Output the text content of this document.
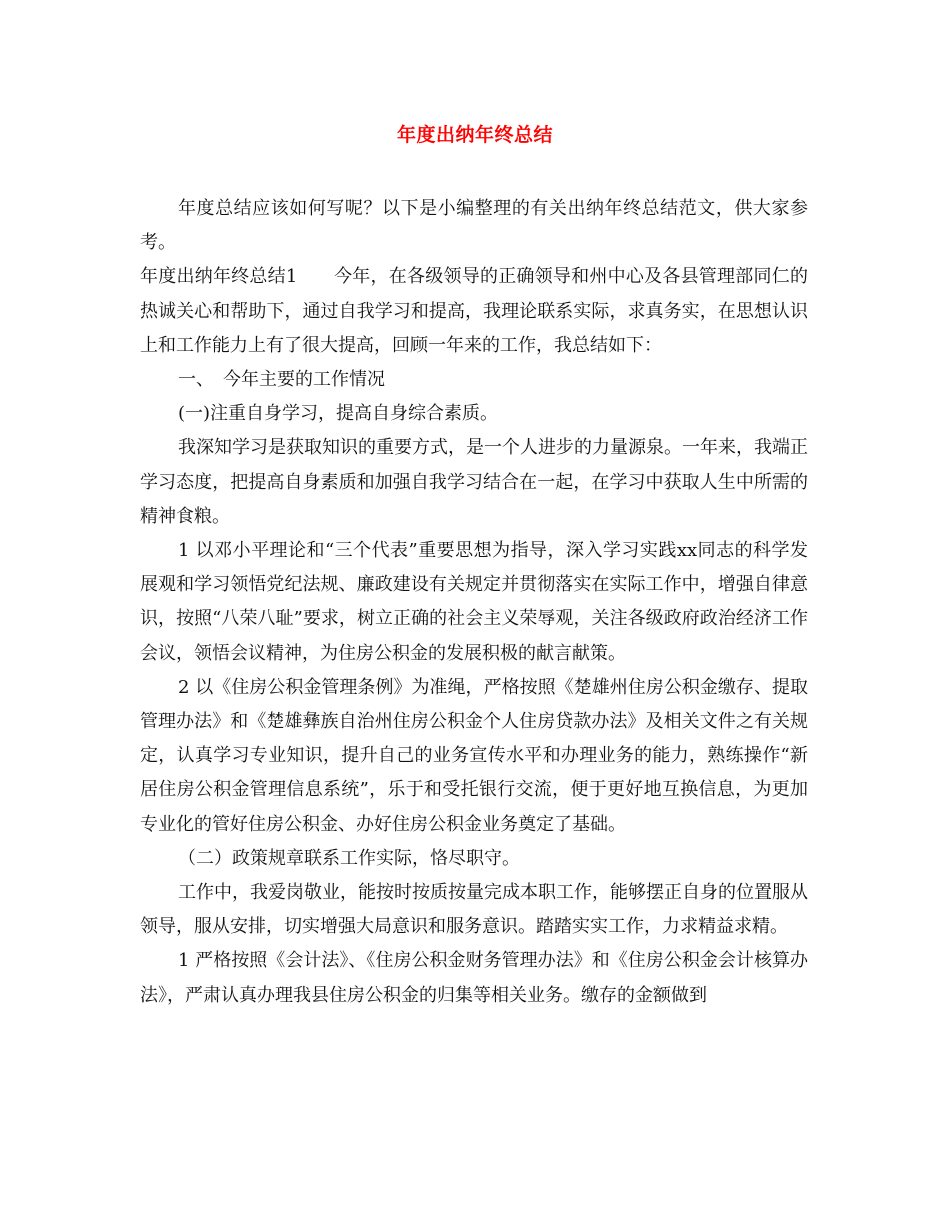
年度出纳年终总结

年度总结应该如何写呢？以下是小编整理的有关出纳年终总结范文，供大家参考。

年度出纳年终总结1　　今年，在各级领导的正确领导和州中心及各县管理部同仁的热诚关心和帮助下，通过自我学习和提高，我理论联系实际，求真务实，在思想认识上和工作能力上有了很大提高，回顾一年来的工作，我总结如下：

一、　今年主要的工作情况

(一)注重自身学习，提高自身综合素质。

我深知学习是获取知识的重要方式，是一个人进步的力量源泉。一年来，我端正学习态度，把提高自身素质和加强自我学习结合在一起，在学习中获取人生中所需的精神食粮。

1 以邓小平理论和“三个代表”重要思想为指导，深入学习实践xx同志的科学发展观和学习领悟党纪法规、廉政建设有关规定并贯彻落实在实际工作中，增强自律意识，按照“八荣八耻”要求，树立正确的社会主义荣辱观，关注各级政府政治经济工作会议，领悟会议精神，为住房公积金的发展积极的献言献策。

2 以《住房公积金管理条例》为准绳，严格按照《楚雄州住房公积金缴存、提取管理办法》和《楚雄彝族自治州住房公积金个人住房贷款办法》及相关文件之有关规定，认真学习专业知识，提升自己的业务宣传水平和办理业务的能力，熟练操作“新居住房公积金管理信息系统”，乐于和受托银行交流，便于更好地互换信息，为更加专业化的管好住房公积金、办好住房公积金业务奠定了基础。

（二）政策规章联系工作实际，恪尽职守。

工作中，我爱岗敬业，能按时按质按量完成本职工作，能够摆正自身的位置服从领导，服从安排，切实增强大局意识和服务意识。踏踏实实工作，力求精益求精。

1 严格按照《会计法》、《住房公积金财务管理办法》和《住房公积金会计核算办法》，严肃认真办理我县住房公积金的归集等相关业务。缴存的金额做到
